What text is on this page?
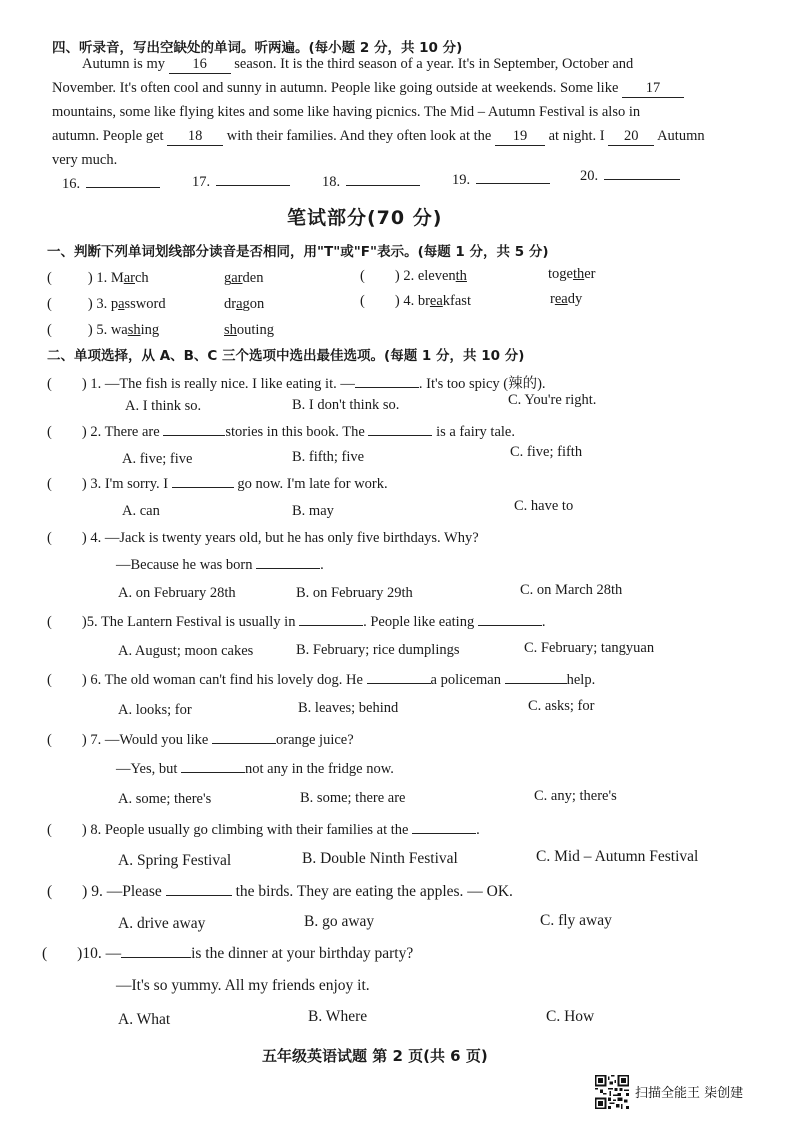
四、听录音，写出空缺处的单词。听两遍。(每小题 2 分，共 10 分)
Autumn is my 16 season. It is the third season of a year. It's in September, October and
November. It's often cool and sunny in autumn. People like going outside at weekends. Some like 17
mountains, some like flying kites and some like having picnics. The Mid – Autumn Festival is also in
autumn. People get 18 with their families. And they often look at the 19 at night. I 20 Autumn
very much.
16.	17.	18.	19.	20.
笔试部分(70 分)
一、判断下列单词划线部分读音是否相同，用"T"或"F"表示。(每题 1 分，共 5 分)
( ) 1. March	garden	( ) 2. eleventh	together
( ) 3. password	dragon	( ) 4. breakfast	ready
( ) 5. washing	shouting
二、单项选择，从 A、B、C 三个选项中选出最佳选项。(每题 1 分，共 10 分)
( ) 1. —The fish is really nice. I like eating it. —	. It's too spicy (辣的).
A. I think so.	B. I don't think so.	C. You're right.
( ) 2. There are	stories in this book. The	is a fairy tale.
A. five; five	B. fifth; five	C. five; fifth
( ) 3. I'm sorry. I	go now. I'm late for work.
A. can	B. may	C. have to
( ) 4. —Jack is twenty years old, but he has only five birthdays. Why?
—Because he was born	.
A. on February 28th	B. on February 29th	C. on March 28th
( )5. The Lantern Festival is usually in	. People like eating	.
A. August; moon cakes	B. February; rice dumplings	C. February; tangyuan
( ) 6. The old woman can't find his lovely dog. He	a policeman	help.
A. looks; for	B. leaves; behind	C. asks; for
( ) 7. —Would you like	orange juice?
—Yes, but	not any in the fridge now.
A. some; there's	B. some; there are	C. any; there's
( ) 8. People usually go climbing with their families at the	.
A. Spring Festival	B. Double Ninth Festival	C. Mid – Autumn Festival
( ) 9. —Please	the birds. They are eating the apples. — OK.
A. drive away	B. go away	C. fly away
( )10. —	is the dinner at your birthday party?
—It's so yummy. All my friends enjoy it.
A. What	B. Where	C. How
五年级英语试题 第 2 页(共 6 页)
扫描全能王 柒创建
